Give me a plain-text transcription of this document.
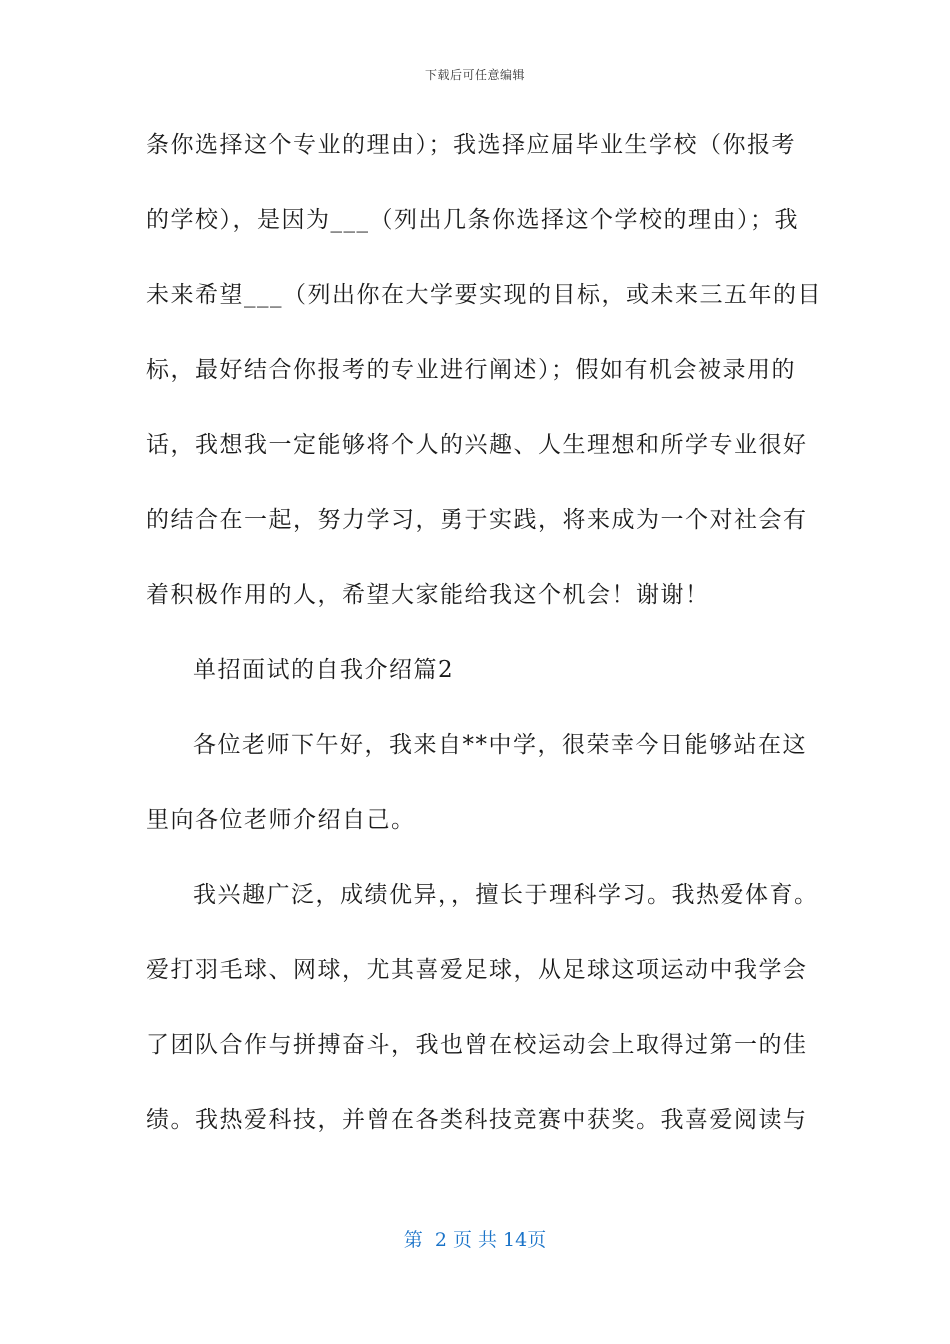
下载后可任意编辑
条你选择这个专业的理由）；我选择应届毕业生学校（你报考
的学校），是因为___（列出几条你选择这个学校的理由）；我
未来希望___（列出你在大学要实现的目标，或未来三五年的目
标，最好结合你报考的专业进行阐述）；假如有机会被录用的
话，我想我一定能够将个人的兴趣、人生理想和所学专业很好
的结合在一起，努力学习，勇于实践，将来成为一个对社会有
着积极作用的人，希望大家能给我这个机会！谢谢！
单招面试的自我介绍篇2
各位老师下午好，我来自**中学，很荣幸今日能够站在这
里向各位老师介绍自己。
我兴趣广泛，成绩优异，，擅长于理科学习。我热爱体育。
爱打羽毛球、网球，尤其喜爱足球，从足球这项运动中我学会
了团队合作与拼搏奋斗，我也曾在校运动会上取得过第一的佳
绩。我热爱科技，并曾在各类科技竞赛中获奖。我喜爱阅读与
第  2 页 共 14页
